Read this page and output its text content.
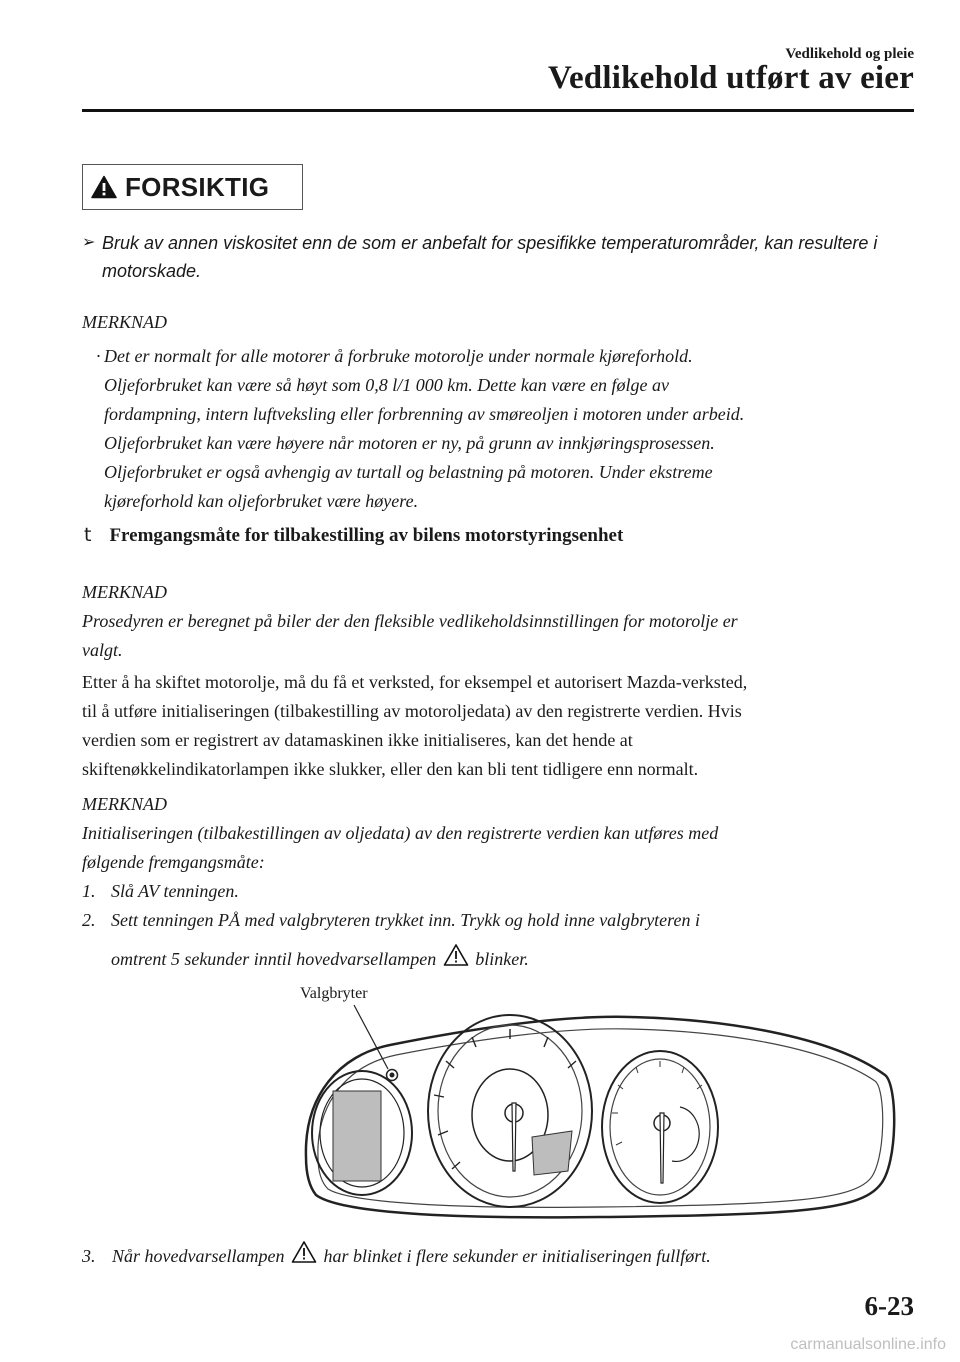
Vedlikehold og pleie
Vedlikehold utført av eier
FORSIKTIG
➢ Bruk av annen viskositet enn de som er anbefalt for spesifikke temperaturområder, kan resultere i motorskade.
MERKNAD
· Det er normalt for alle motorer å forbruke motorolje under normale kjøreforhold.
Oljeforbruket kan være så høyt som 0,8 l/1 000 km. Dette kan være en følge av
fordampning, intern luftveksling eller forbrenning av smøreoljen i motoren under arbeid.
Oljeforbruket kan være høyere når motoren er ny, på grunn av innkjøringsprosessen.
Oljeforbruket er også avhengig av turtall og belastning på motoren. Under ekstreme
kjøreforhold kan oljeforbruket være høyere.
t Fremgangsmåte for tilbakestilling av bilens motorstyringsenhet
MERKNAD
Prosedyren er beregnet på biler der den fleksible vedlikeholdsinnstillingen for motorolje er
valgt.
Etter å ha skiftet motorolje, må du få et verksted, for eksempel et autorisert Mazda-verksted,
til å utføre initialiseringen (tilbakestilling av motoroljedata) av den registrerte verdien. Hvis
verdien som er registrert av datamaskinen ikke initialiseres, kan det hende at
skiftenøkkelindikatorlampen ikke slukker, eller den kan bli tent tidligere enn normalt.
MERKNAD
Initialiseringen (tilbakestillingen av oljedata) av den registrerte verdien kan utføres med
følgende fremgangsmåte:
1. Slå AV tenningen.
2. Sett tenningen PÅ med valgbryteren trykket inn. Trykk og hold inne valgbryteren i
omtrent 5 sekunder inntil hovedvarsellampen blinker.
Valgbryter
3. Når hovedvarsellampen har blinket i flere sekunder er initialiseringen fullført.
6-23
carmanualsonline.info
